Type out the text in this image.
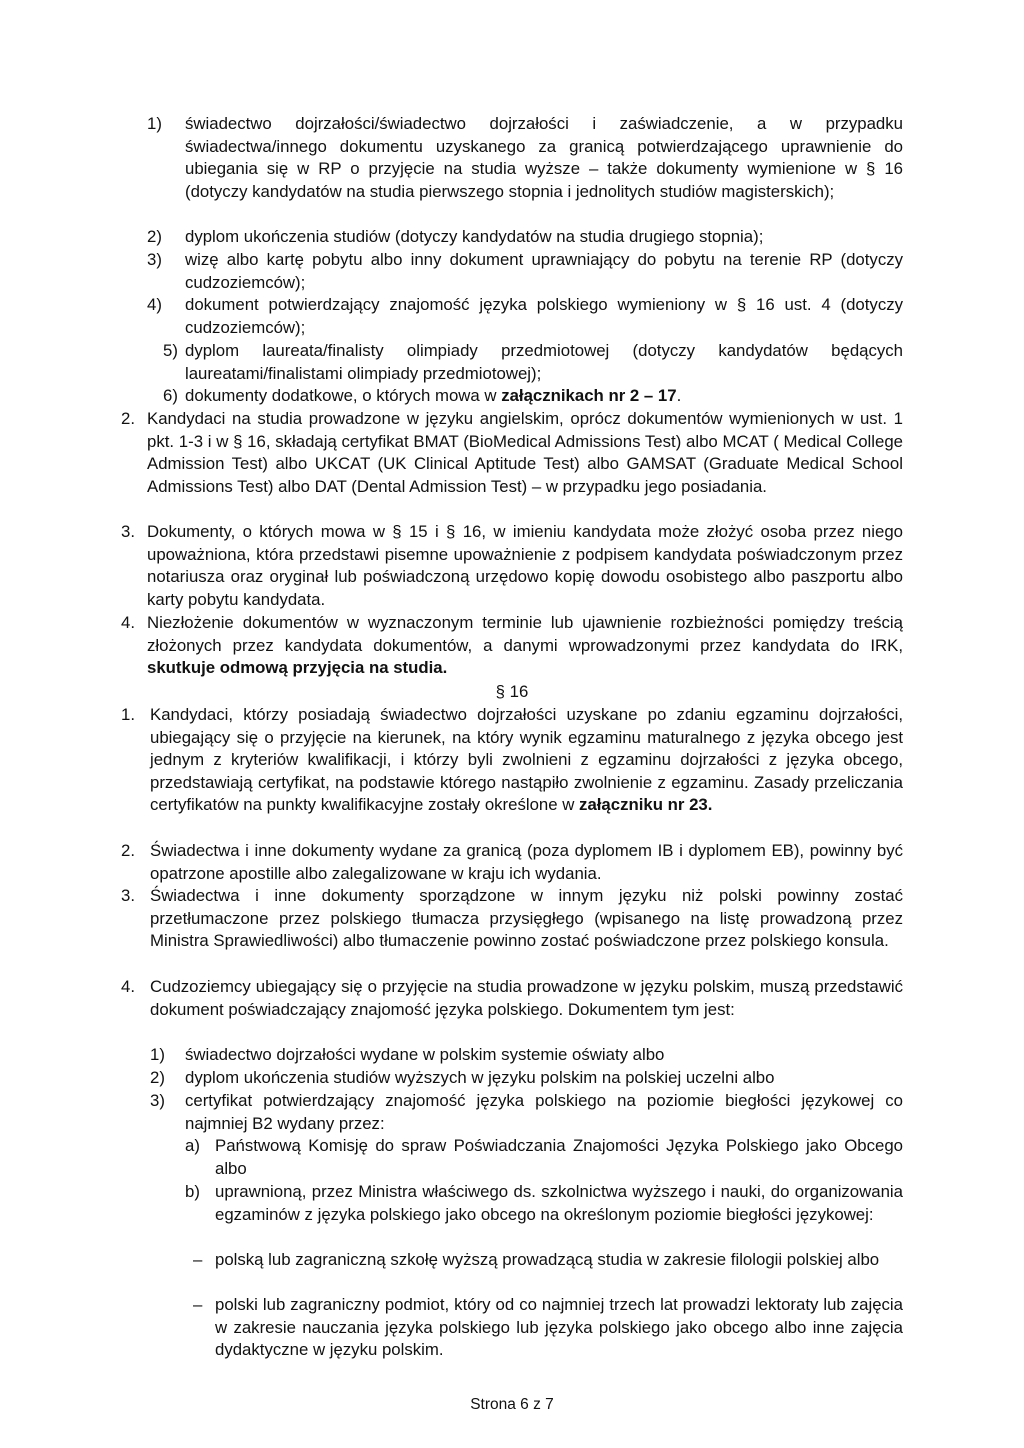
1) świadectwo dojrzałości/świadectwo dojrzałości i zaświadczenie, a w przypadku świadectwa/innego dokumentu uzyskanego za granicą potwierdzającego uprawnienie do ubiegania się w RP o przyjęcie na studia wyższe – także dokumenty wymienione w § 16 (dotyczy kandydatów na studia pierwszego stopnia i jednolitych studiów magisterskich);
2) dyplom ukończenia studiów (dotyczy kandydatów na studia drugiego stopnia);
3) wizę albo kartę pobytu albo inny dokument uprawniający do pobytu na terenie RP (dotyczy cudzoziemców);
4) dokument potwierdzający znajomość języka polskiego wymieniony w § 16 ust. 4 (dotyczy cudzoziemców);
5) dyplom laureata/finalisty olimpiady przedmiotowej (dotyczy kandydatów będących laureatami/finalistami olimpiady przedmiotowej);
6) dokumenty dodatkowe, o których mowa w załącznikach nr 2 – 17.
2. Kandydaci na studia prowadzone w języku angielskim, oprócz dokumentów wymienionych w ust. 1 pkt. 1-3 i w § 16, składają certyfikat BMAT (BioMedical Admissions Test) albo MCAT ( Medical College Admission Test) albo UKCAT (UK Clinical Aptitude Test) albo GAMSAT (Graduate Medical School Admissions Test) albo DAT (Dental Admission Test) – w przypadku jego posiadania.
3. Dokumenty, o których mowa w § 15 i § 16, w imieniu kandydata może złożyć osoba przez niego upoważniona, która przedstawi pisemne upoważnienie z podpisem kandydata poświadczonym przez notariusza oraz oryginał lub poświadczoną urzędowo kopię dowodu osobistego albo paszportu albo karty pobytu kandydata.
4. Niezłożenie dokumentów w wyznaczonym terminie lub ujawnienie rozbieżności pomiędzy treścią złożonych przez kandydata dokumentów, a danymi wprowadzonymi przez kandydata do IRK, skutkuje odmową przyjęcia na studia.
§ 16
1. Kandydaci, którzy posiadają świadectwo dojrzałości uzyskane po zdaniu egzaminu dojrzałości, ubiegający się o przyjęcie na kierunek, na który wynik egzaminu maturalnego z języka obcego jest jednym z kryteriów kwalifikacji, i którzy byli zwolnieni z egzaminu dojrzałości z języka obcego, przedstawiają certyfikat, na podstawie którego nastąpiło zwolnienie z egzaminu. Zasady przeliczania certyfikatów na punkty kwalifikacyjne zostały określone w załączniku nr 23.
2. Świadectwa i inne dokumenty wydane za granicą (poza dyplomem IB i dyplomem EB), powinny być opatrzone apostille albo zalegalizowane w kraju ich wydania.
3. Świadectwa i inne dokumenty sporządzone w innym języku niż polski powinny zostać przetłumaczone przez polskiego tłumacza przysięgłego (wpisanego na listę prowadzoną przez Ministra Sprawiedliwości) albo tłumaczenie powinno zostać poświadczone przez polskiego konsula.
4. Cudzoziemcy ubiegający się o przyjęcie na studia prowadzone w języku polskim, muszą przedstawić dokument poświadczający znajomość języka polskiego. Dokumentem tym jest:
1) świadectwo dojrzałości wydane w polskim systemie oświaty albo
2) dyplom ukończenia studiów wyższych w języku polskim na polskiej uczelni albo
3) certyfikat potwierdzający znajomość języka polskiego na poziomie biegłości językowej co najmniej B2 wydany przez:
a) Państwową Komisję do spraw Poświadczania Znajomości Języka Polskiego jako Obcego albo
b) uprawnioną, przez Ministra właściwego ds. szkolnictwa wyższego i nauki, do organizowania egzaminów z języka polskiego jako obcego na określonym poziomie biegłości językowej:
– polską lub zagraniczną szkołę wyższą prowadzącą studia w zakresie filologii polskiej albo
– polski lub zagraniczny podmiot, który od co najmniej trzech lat prowadzi lektoraty lub zajęcia w zakresie nauczania języka polskiego lub języka polskiego jako obcego albo inne zajęcia dydaktyczne w języku polskim.
Strona 6 z 7
